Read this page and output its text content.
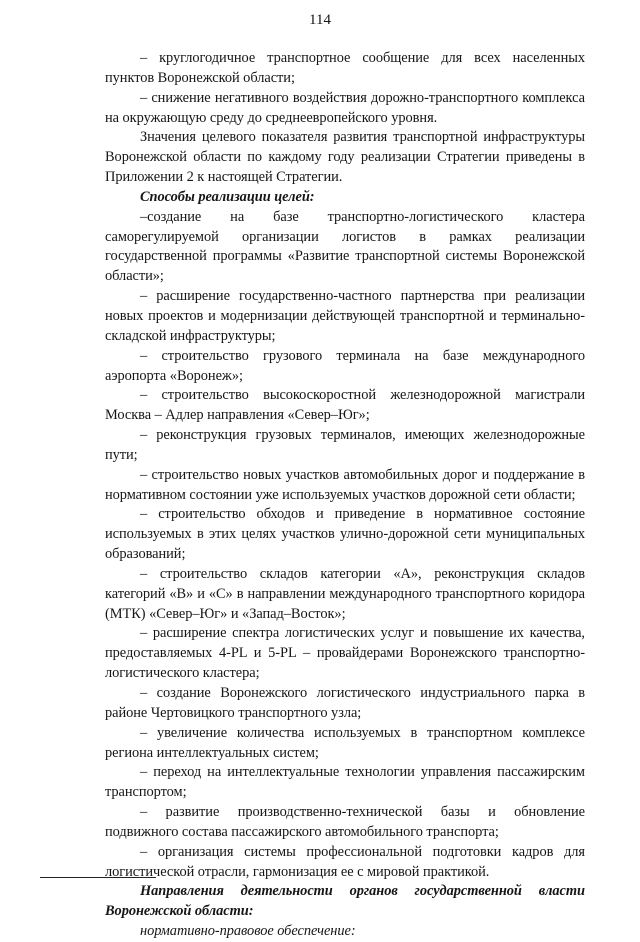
114

– круглогодичное транспортное сообщение для всех населенных пунктов Воронежской области;

– снижение негативного воздействия дорожно-транспортного комплекса на окружающую среду до среднеевропейского уровня.

Значения целевого показателя развития транспортной инфраструктуры Воронежской области по каждому году реализации Стратегии приведены в Приложении 2 к настоящей Стратегии.

Способы реализации целей:

–создание на базе транспортно-логистического кластера саморегулируемой организации логистов в рамках реализации государственной программы «Развитие транспортной системы Воронежской области»;

– расширение государственно-частного партнерства при реализации новых проектов и модернизации действующей транспортной и терминально-складской инфраструктуры;

– строительство грузового терминала на базе международного аэропорта «Воронеж»;

– строительство высокоскоростной железнодорожной магистрали Москва – Адлер направления «Север–Юг»;

– реконструкция грузовых терминалов, имеющих железнодорожные пути;

– строительство новых участков автомобильных дорог и поддержание в нормативном состоянии уже используемых участков дорожной сети области;

– строительство обходов и приведение в нормативное состояние используемых в этих целях участков улично-дорожной сети муниципальных образований;

– строительство складов категории «А», реконструкция складов категорий «В» и «С» в направлении международного транспортного коридора (МТК) «Север–Юг» и «Запад–Восток»;

– расширение спектра логистических услуг и повышение их качества, предоставляемых 4-PL и 5-PL – провайдерами Воронежского транспортно-логистического кластера;

– создание Воронежского логистического индустриального парка в районе Чертовицкого транспортного узла;

– увеличение количества используемых в транспортном комплексе региона интеллектуальных систем;

– переход на интеллектуальные технологии управления пассажирским транспортом;

– развитие производственно-технической базы и обновление подвижного состава пассажирского автомобильного транспорта;

– организация системы профессиональной подготовки кадров для логистической отрасли, гармонизация ее с мировой практикой.

Направления деятельности органов государственной власти Воронежской области:

нормативно-правовое обеспечение:
